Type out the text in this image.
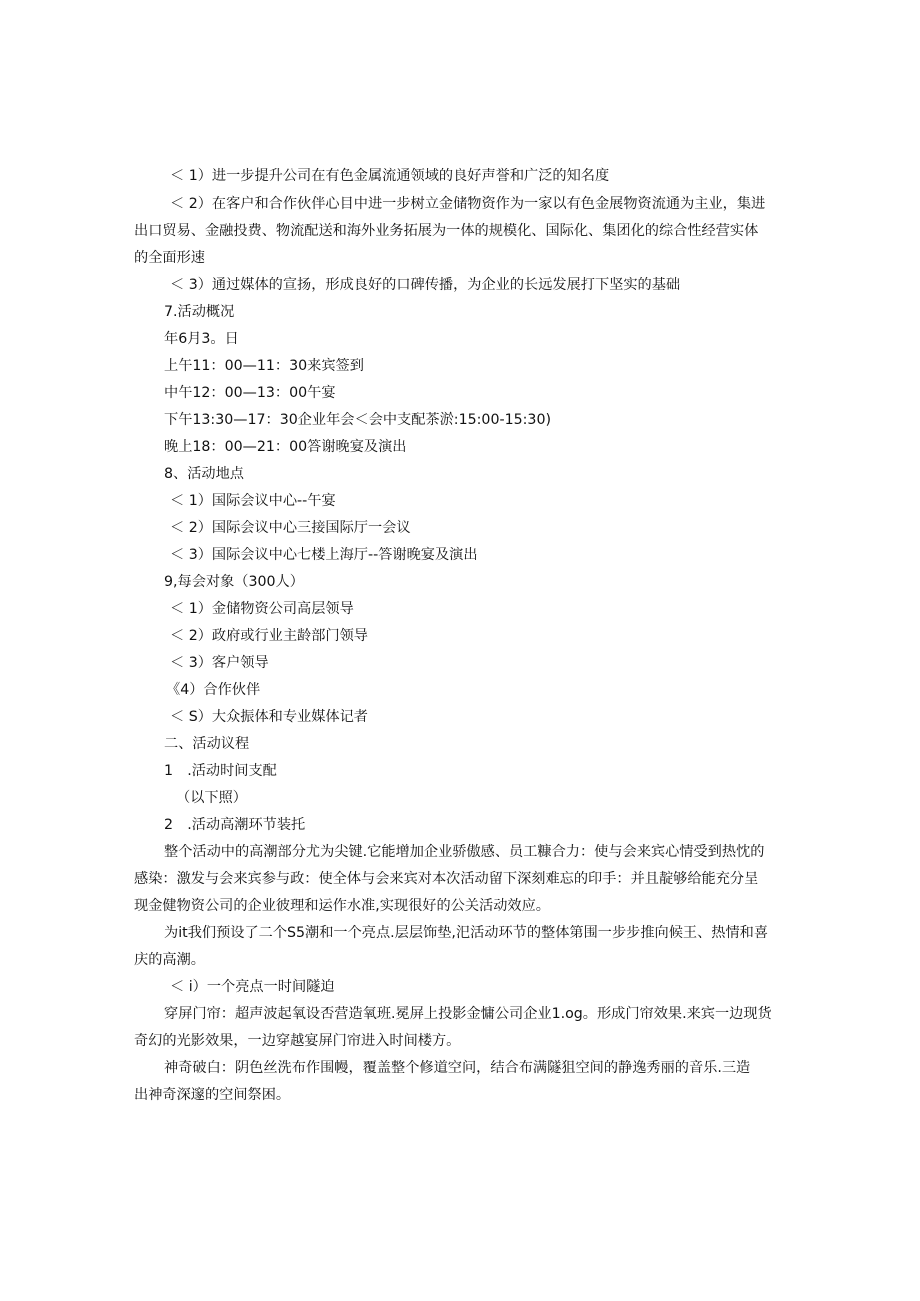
＜ 1）进一步提升公司在有色金属流通领域的良好声誉和广泛的知名度
＜ 2）在客户和合作伙伴心目中进一步树立金储物资作为一家以有色金展物资流通为主业，集进
出口贸易、金融投费、物流配送和海外业务拓展为一体的规模化、国际化、集团化的综合性经营实体
的全面形速
＜ 3）通过媒体的宣扬，形成良好的口碑传播，为企业的长远发展打下坚实的基础
7.活动概况
年6月3。日
上午11：00—11：30来宾签到
中午12：00—13：00午宴
下午13:30—17：30企业年会＜会中支配茶淤:15:00-15:30)
晚上18：00—21：00答谢晚宴及演出
8、活动地点
＜ 1）国际会议中心--午宴
＜ 2）国际会议中心三接国际厅一会议
＜ 3）国际会议中心七楼上海厅--答谢晚宴及演出
9,每会对象（300人）
＜ 1）金储物资公司高层领导
＜ 2）政府或行业主龄部门领导
＜ 3）客户领导
《4）合作伙伴
＜ S）大众振体和专业媒体记者
二、活动议程
1　.活动时间支配
（以下照）
2　.活动高潮环节装托
整个活动中的高潮部分尤为尖键.它能增加企业骄傲感、员工糠合力：使与会来宾心情受到热忱的
感染：激发与会来宾参与政：使全体与会来宾对本次活动留下深刻难忘的印手：并且靛够给能充分呈
现金健物资公司的企业彼理和运作水准,实现很好的公关活动效应。
为it我们预设了二个S5潮和一个亮点.层层饰垫,汜活动环节的整体第围一步步推向候王、热情和喜
庆的高潮。
＜ i）一个亮点一时间隧迫
穿屏门帘：超声波起氧设否营造氧班.冕屏上投影金慵公司企业1.og。形成门帘效果.来宾一边现货
奇幻的光影效果，一边穿越宴屏门帘进入时间楼方。
神奇破白：阴色丝洗布作围幔，覆盖整个修道空问，结合布满隧狙空间的静逸秀丽的音乐.三造
出神奇深邃的空间祭困。
